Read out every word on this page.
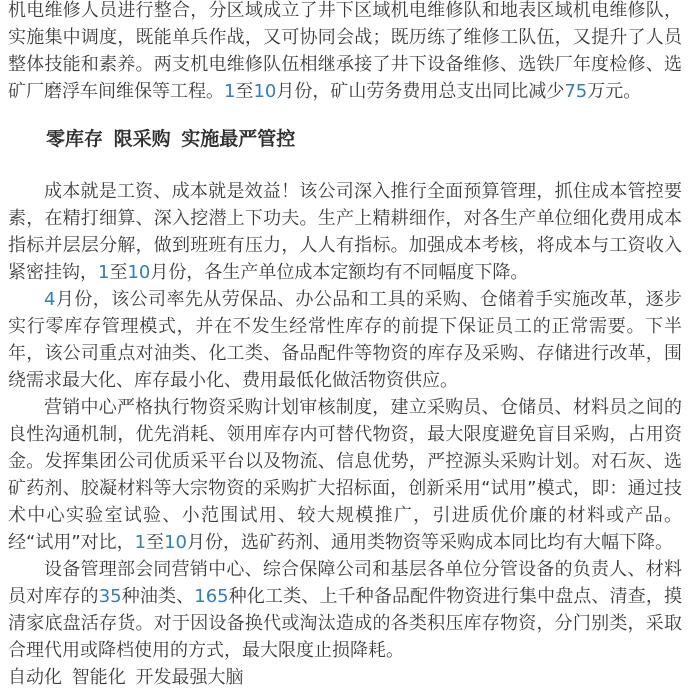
机电维修人员进行整合，分区域成立了井下区域机电维修队和地表区域机电维修队，实施集中调度，既能单兵作战，又可协同会战；既历练了维修工队伍，又提升了人员整体技能和素养。两支机电维修队伍相继承接了井下设备维修、选铁厂年度检修、选矿厂磨浮车间维保等工程。1至10月份，矿山劳务费用总支出同比减少75万元。

零库存 限采购 实施最严管控

成本就是工资、成本就是效益！该公司深入推行全面预算管理，抓住成本管控要素，在精打细算、深入挖潜上下功夫。生产上精耕细作，对各生产单位细化费用成本指标并层层分解，做到班班有压力，人人有指标。加强成本考核，将成本与工资收入紧密挂钩，1至10月份，各生产单位成本定额均有不同幅度下降。

4月份，该公司率先从劳保品、办公品和工具的采购、仓储着手实施改革，逐步实行零库存管理模式，并在不发生经常性库存的前提下保证员工的正常需要。下半年，该公司重点对油类、化工类、备品配件等物资的库存及采购、存储进行改革，围绕需求最大化、库存最小化、费用最低化做活物资供应。

营销中心严格执行物资采购计划审核制度，建立采购员、仓储员、材料员之间的良性沟通机制，优先消耗、领用库存内可替代物资，最大限度避免盲目采购，占用资金。发挥集团公司优质采平台以及物流、信息优势，严控源头采购计划。对石灰、选矿药剂、胶凝材料等大宗物资的采购扩大招标面，创新采用“试用”模式，即：通过技术中心实验室试验、小范围试用、较大规模推广，引进质优价廉的材料或产品。经“试用”对比，1至10月份，选矿药剂、通用类物资等采购成本同比均有大幅下降。

设备管理部会同营销中心、综合保障公司和基层各单位分管设备的负责人、材料员对库存的35种油类、165种化工类、上千种备品配件物资进行集中盘点、清查，摸清家底盘活存货。对于因设备换代或淘汰造成的各类积压库存物资，分门别类，采取合理代用或降档使用的方式，最大限度止损降耗。

自动化 智能化 开发最强大脑
